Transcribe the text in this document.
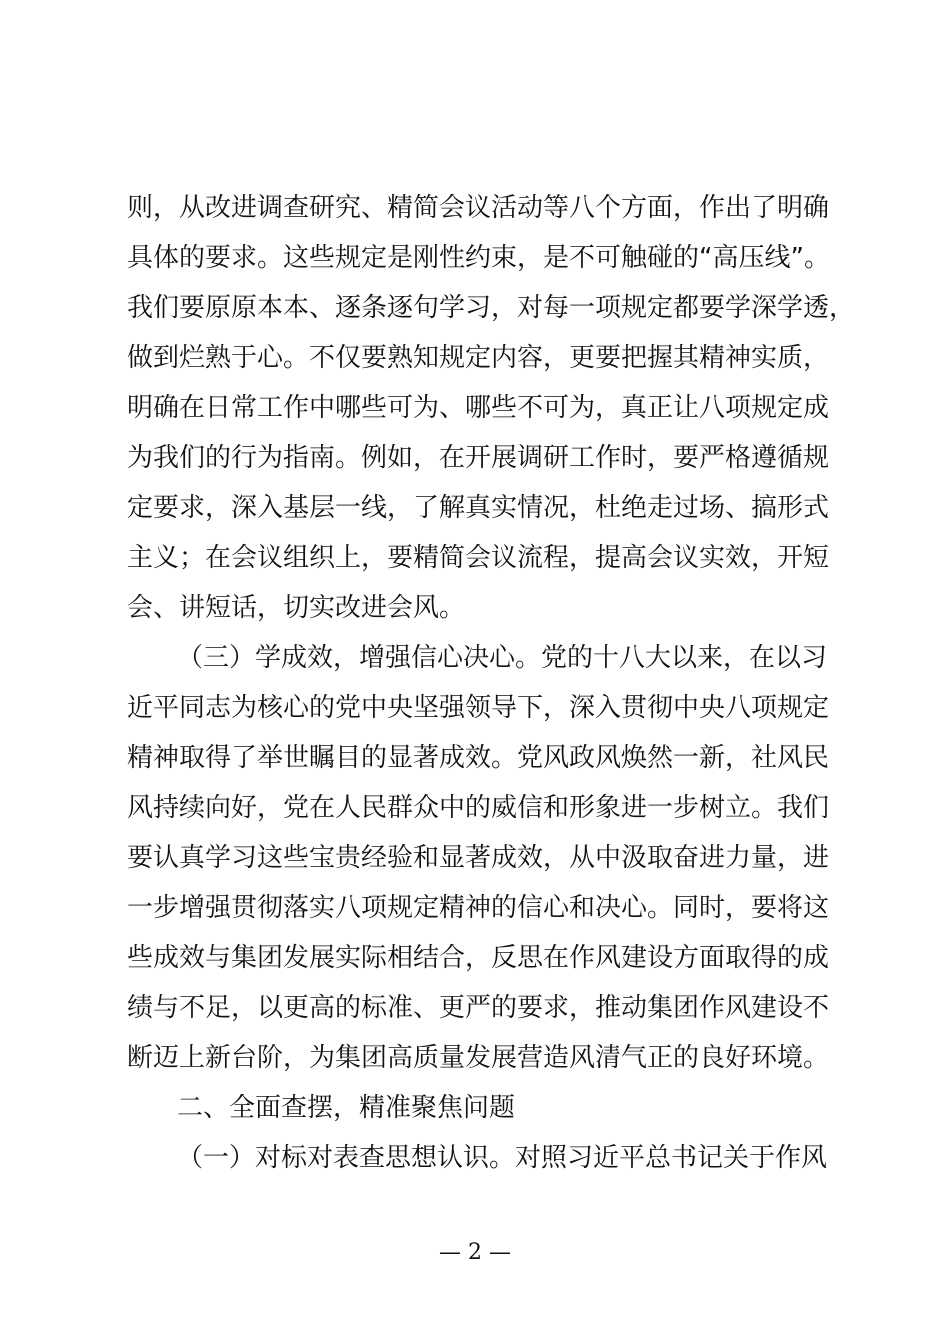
则，从改进调查研究、精简会议活动等八个方面，作出了明确
具体的要求。这些规定是刚性约束，是不可触碰的“高压线”。
我们要原原本本、逐条逐句学习，对每一项规定都要学深学透，
做到烂熟于心。不仅要熟知规定内容，更要把握其精神实质，
明确在日常工作中哪些可为、哪些不可为，真正让八项规定成
为我们的行为指南。例如，在开展调研工作时，要严格遵循规
定要求，深入基层一线，了解真实情况，杜绝走过场、搞形式
主义；在会议组织上，要精简会议流程，提高会议实效，开短
会、讲短话，切实改进会风。
（三）学成效，增强信心决心。党的十八大以来，在以习
近平同志为核心的党中央坚强领导下，深入贯彻中央八项规定
精神取得了举世瞩目的显著成效。党风政风焕然一新，社风民
风持续向好，党在人民群众中的威信和形象进一步树立。我们
要认真学习这些宝贵经验和显著成效，从中汲取奋进力量，进
一步增强贯彻落实八项规定精神的信心和决心。同时，要将这
些成效与集团发展实际相结合，反思在作风建设方面取得的成
绩与不足，以更高的标准、更严的要求，推动集团作风建设不
断迈上新台阶，为集团高质量发展营造风清气正的良好环境。
二、全面查摆，精准聚焦问题
（一）对标对表查思想认识。对照习近平总书记关于作风
— 2 —
